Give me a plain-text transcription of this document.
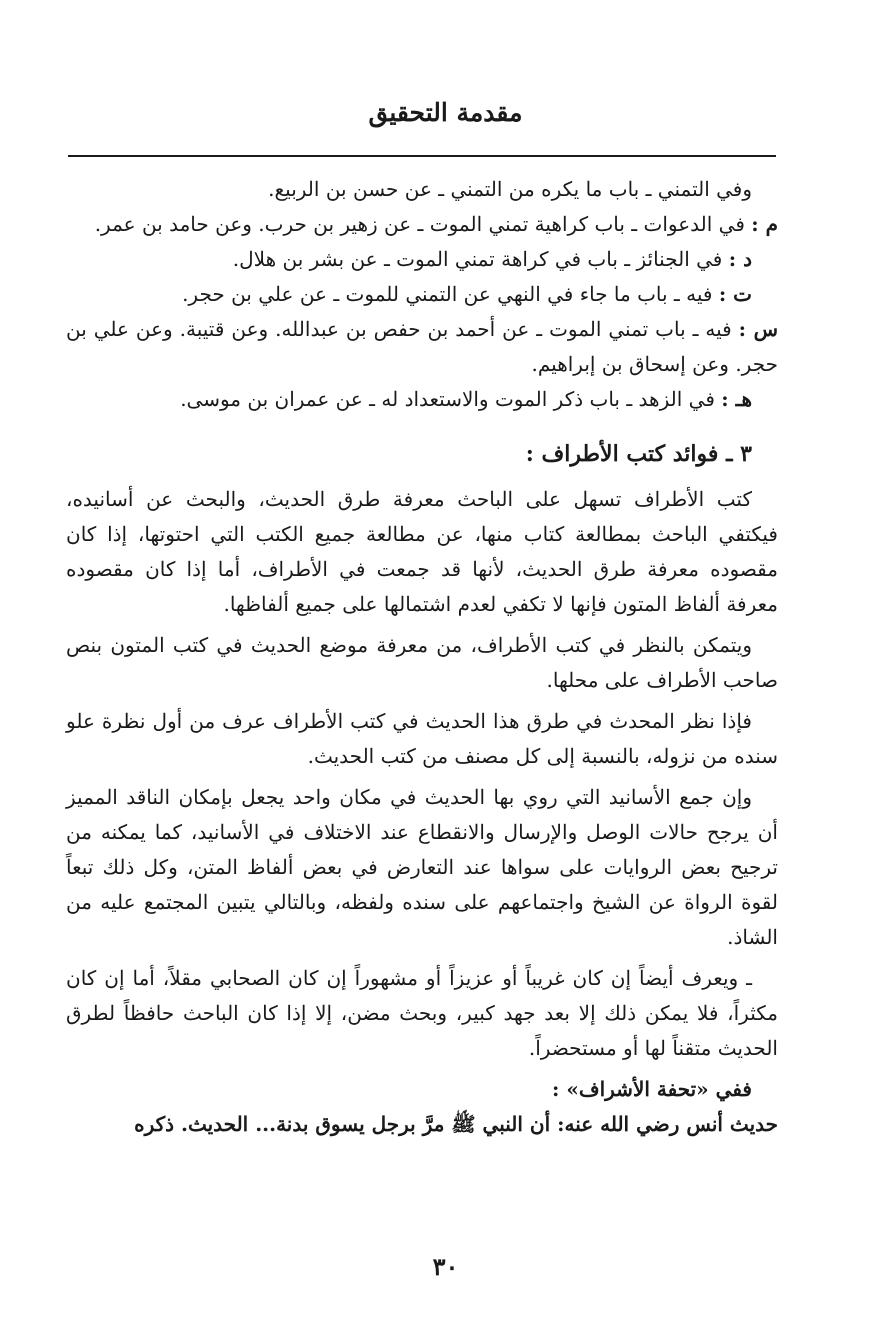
مقدمة التحقيق

وفي التمني ـ باب ما يكره من التمني ـ عن حسن بن الربيع.

م : في الدعوات ـ باب كراهية تمني الموت ـ عن زهير بن حرب. وعن حامد بن عمر.

د : في الجنائز ـ باب في كراهة تمني الموت ـ عن بشر بن هلال.

ت : فيه ـ باب ما جاء في النهي عن التمني للموت ـ عن علي بن حجر.

س : فيه ـ باب تمني الموت ـ عن أحمد بن حفص بن عبدالله. وعن قتيبة. وعن علي بن حجر. وعن إسحاق بن إبراهيم.

هـ : في الزهد ـ باب ذكر الموت والاستعداد له ـ عن عمران بن موسى.

٣ ـ فوائد كتب الأطراف :

كتب الأطراف تسهل على الباحث معرفة طرق الحديث، والبحث عن أسانيده، فيكتفي الباحث بمطالعة كتاب منها، عن مطالعة جميع الكتب التي احتوتها، إذا كان مقصوده معرفة طرق الحديث، لأنها قد جمعت في الأطراف، أما إذا كان مقصوده معرفة ألفاظ المتون فإنها لا تكفي لعدم اشتمالها على جميع ألفاظها.

ويتمكن بالنظر في كتب الأطراف، من معرفة موضع الحديث في كتب المتون بنص صاحب الأطراف على محلها.

فإذا نظر المحدث في طرق هذا الحديث في كتب الأطراف عرف من أول نظرة علو سنده من نزوله، بالنسبة إلى كل مصنف من كتب الحديث.

وإن جمع الأسانيد التي روي بها الحديث في مكان واحد يجعل بإمكان الناقد المميز أن يرجح حالات الوصل والإرسال والانقطاع عند الاختلاف في الأسانيد، كما يمكنه من ترجيح بعض الروايات على سواها عند التعارض في بعض ألفاظ المتن، وكل ذلك تبعاً لقوة الرواة عن الشيخ واجتماعهم على سنده ولفظه، وبالتالي يتبين المجتمع عليه من الشاذ.

ـ ويعرف أيضاً إن كان غريباً أو عزيزاً أو مشهوراً إن كان الصحابي مقلاً، أما إن كان مكثراً، فلا يمكن ذلك إلا بعد جهد كبير، وبحث مضن، إلا إذا كان الباحث حافظاً لطرق الحديث متقناً لها أو مستحضراً.

ففي «تحفة الأشراف» :

حديث أنس رضي الله عنه: أن النبي ﷺ مرَّ برجل يسوق بدنة... الحديث. ذكره

٣٠
